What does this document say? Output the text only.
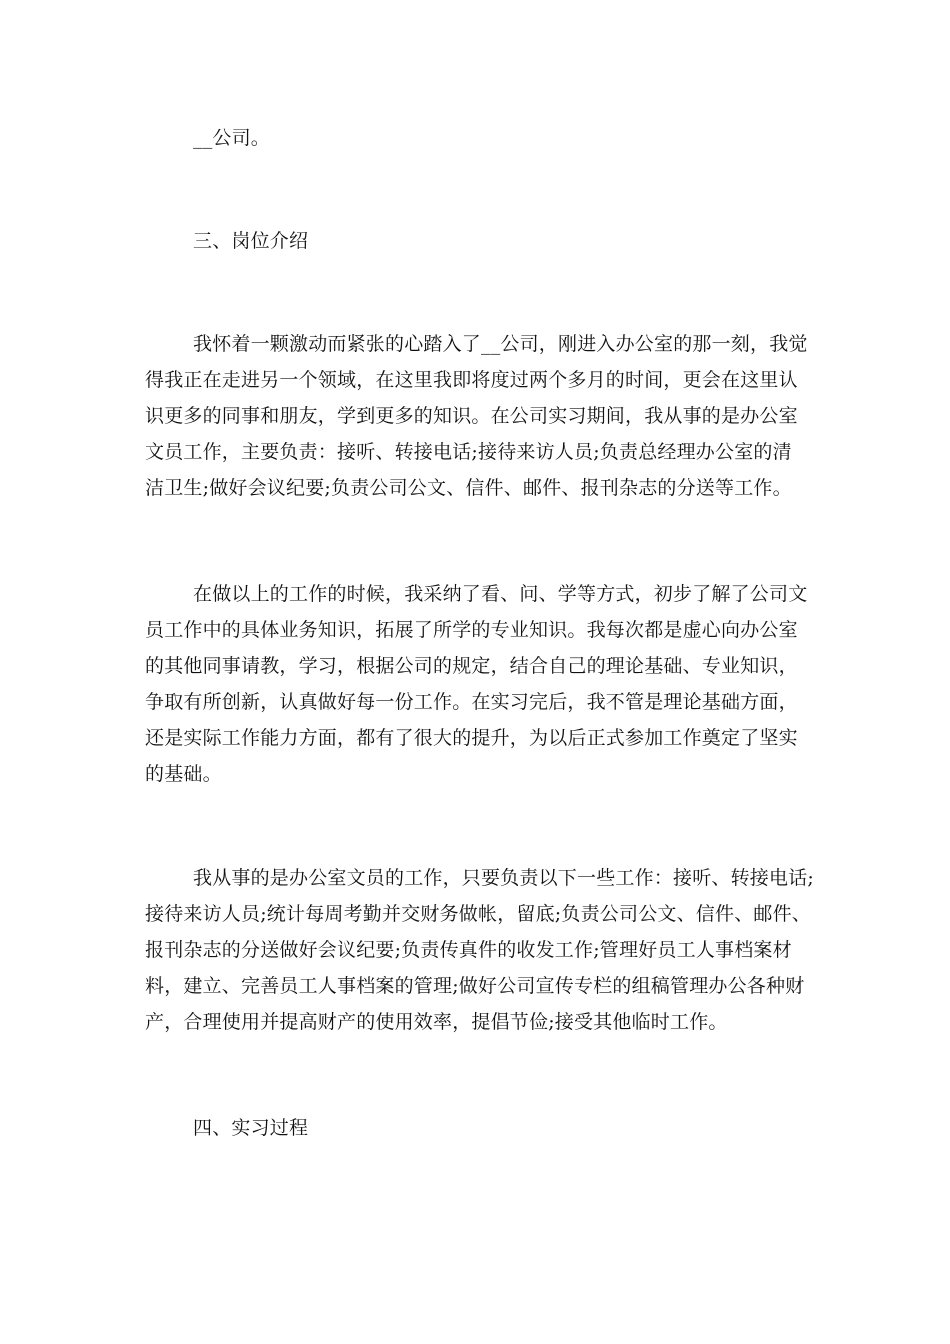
__公司。
三、岗位介绍
我怀着一颗激动而紧张的心踏入了__公司，刚进入办公室的那一刻，我觉
得我正在走进另一个领域，在这里我即将度过两个多月的时间，更会在这里认
识更多的同事和朋友，学到更多的知识。在公司实习期间，我从事的是办公室
文员工作，主要负责：接听、转接电话;接待来访人员;负责总经理办公室的清
洁卫生;做好会议纪要;负责公司公文、信件、邮件、报刊杂志的分送等工作。
在做以上的工作的时候，我采纳了看、问、学等方式，初步了解了公司文
员工作中的具体业务知识，拓展了所学的专业知识。我每次都是虚心向办公室
的其他同事请教，学习，根据公司的规定，结合自己的理论基础、专业知识，
争取有所创新，认真做好每一份工作。在实习完后，我不管是理论基础方面，
还是实际工作能力方面，都有了很大的提升，为以后正式参加工作奠定了坚实
的基础。
我从事的是办公室文员的工作，只要负责以下一些工作：接听、转接电话;
接待来访人员;统计每周考勤并交财务做帐，留底;负责公司公文、信件、邮件、
报刊杂志的分送做好会议纪要;负责传真件的收发工作;管理好员工人事档案材
料，建立、完善员工人事档案的管理;做好公司宣传专栏的组稿管理办公各种财
产，合理使用并提高财产的使用效率，提倡节俭;接受其他临时工作。
四、实习过程
